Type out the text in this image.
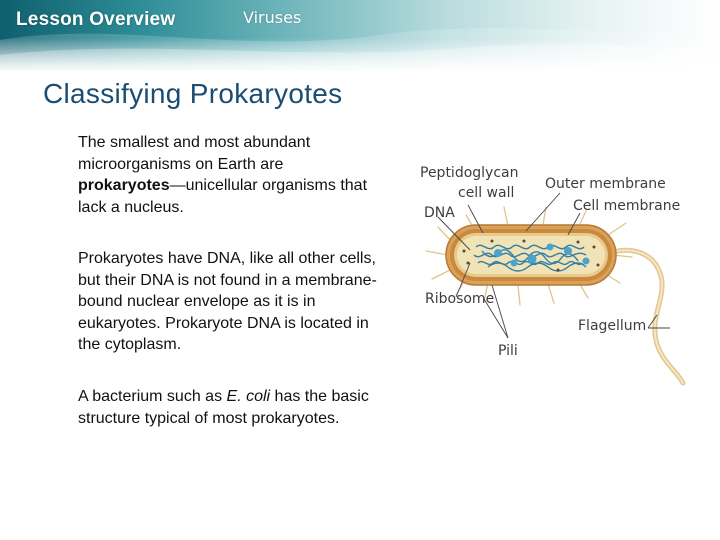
Lesson Overview	Viruses
Classifying Prokaryotes
The smallest and most abundant microorganisms on Earth are prokaryotes—unicellular organisms that lack a nucleus.
Prokaryotes have DNA, like all other cells, but their DNA is not found in a membrane-bound nuclear envelope as it is in eukaryotes. Prokaryote DNA is located in the cytoplasm.
A bacterium such as E. coli has the basic structure typical of most prokaryotes.
Peptidoglycan
cell wall
DNA
Outer membrane
Cell membrane
Ribosome
Flagellum
Pili
